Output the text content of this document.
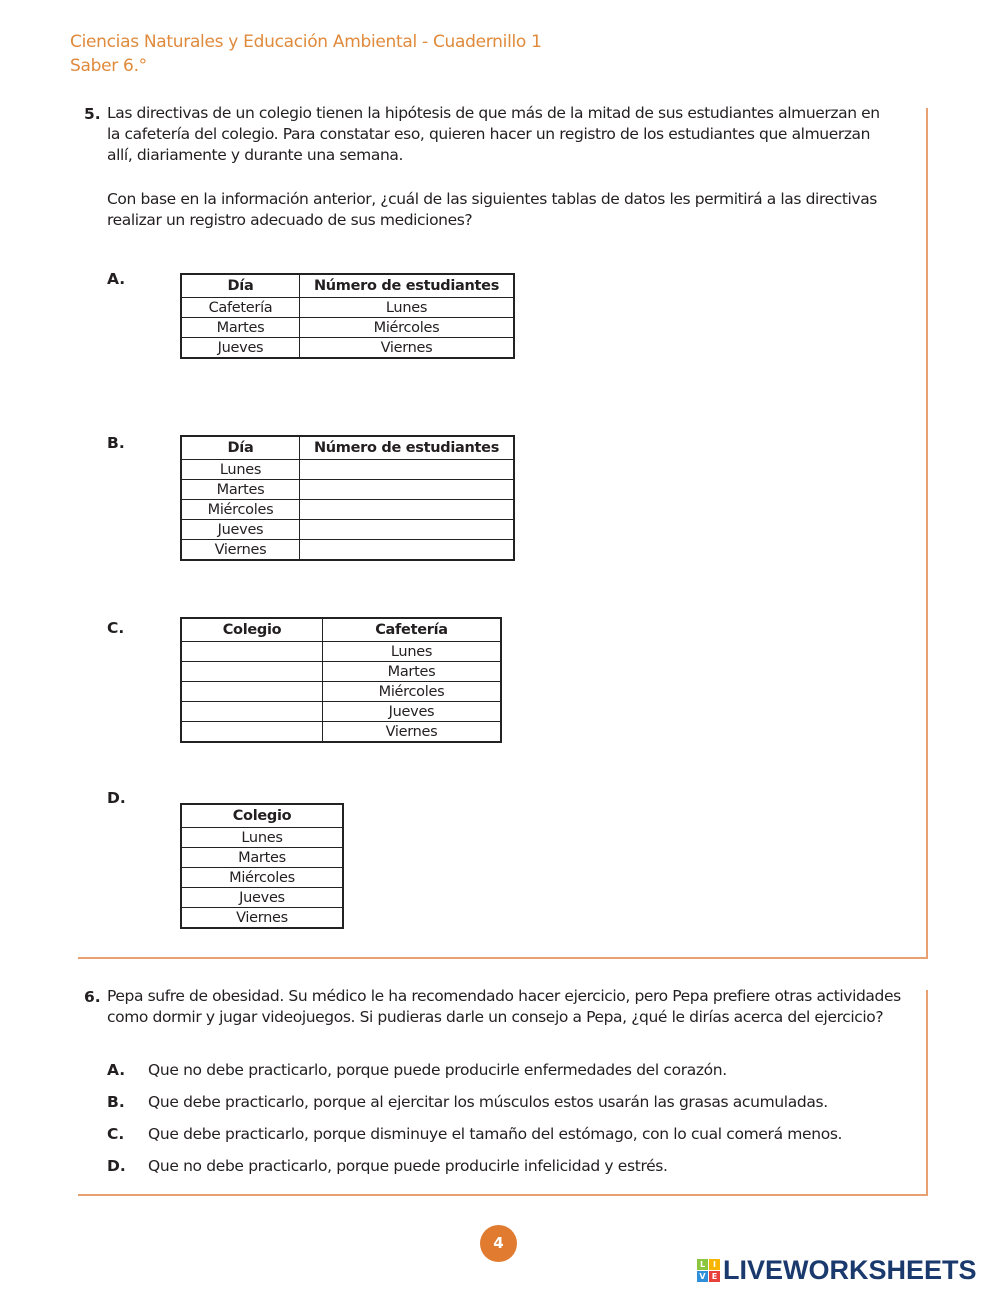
Ciencias Naturales y Educación Ambiental - Cuadernillo 1
Saber 6.°
5. Las directivas de un colegio tienen la hipótesis de que más de la mitad de sus estudiantes almuerzan en
la cafetería del colegio. Para constatar eso, quieren hacer un registro de los estudiantes que almuerzan
allí, diariamente y durante una semana.
Con base en la información anterior, ¿cuál de las siguientes tablas de datos les permitirá a las directivas
realizar un registro adecuado de sus mediciones?
A.
B.
C.
D.
Día	Número de estudiantes
Cafetería	Lunes
Martes	Miércoles
Jueves	Viernes
Día	Número de estudiantes
Lunes	
Martes	
Miércoles	
Jueves	
Viernes	
Colegio	Cafetería
	Lunes
	Martes
	Miércoles
	Jueves
	Viernes
Colegio
Lunes
Martes
Miércoles
Jueves
Viernes
6. Pepa sufre de obesidad. Su médico le ha recomendado hacer ejercicio, pero Pepa prefiere otras actividades
como dormir y jugar videojuegos. Si pudieras darle un consejo a Pepa, ¿qué le dirías acerca del ejercicio?
A.	Que no debe practicarlo, porque puede producirle enfermedades del corazón.
B.	Que debe practicarlo, porque al ejercitar los músculos estos usarán las grasas acumuladas.
C.	Que debe practicarlo, porque disminuye el tamaño del estómago, con lo cual comerá menos.
D.	Que no debe practicarlo, porque puede producirle infelicidad y estrés.
4
L I
V E LIVEWORKSHEETS
